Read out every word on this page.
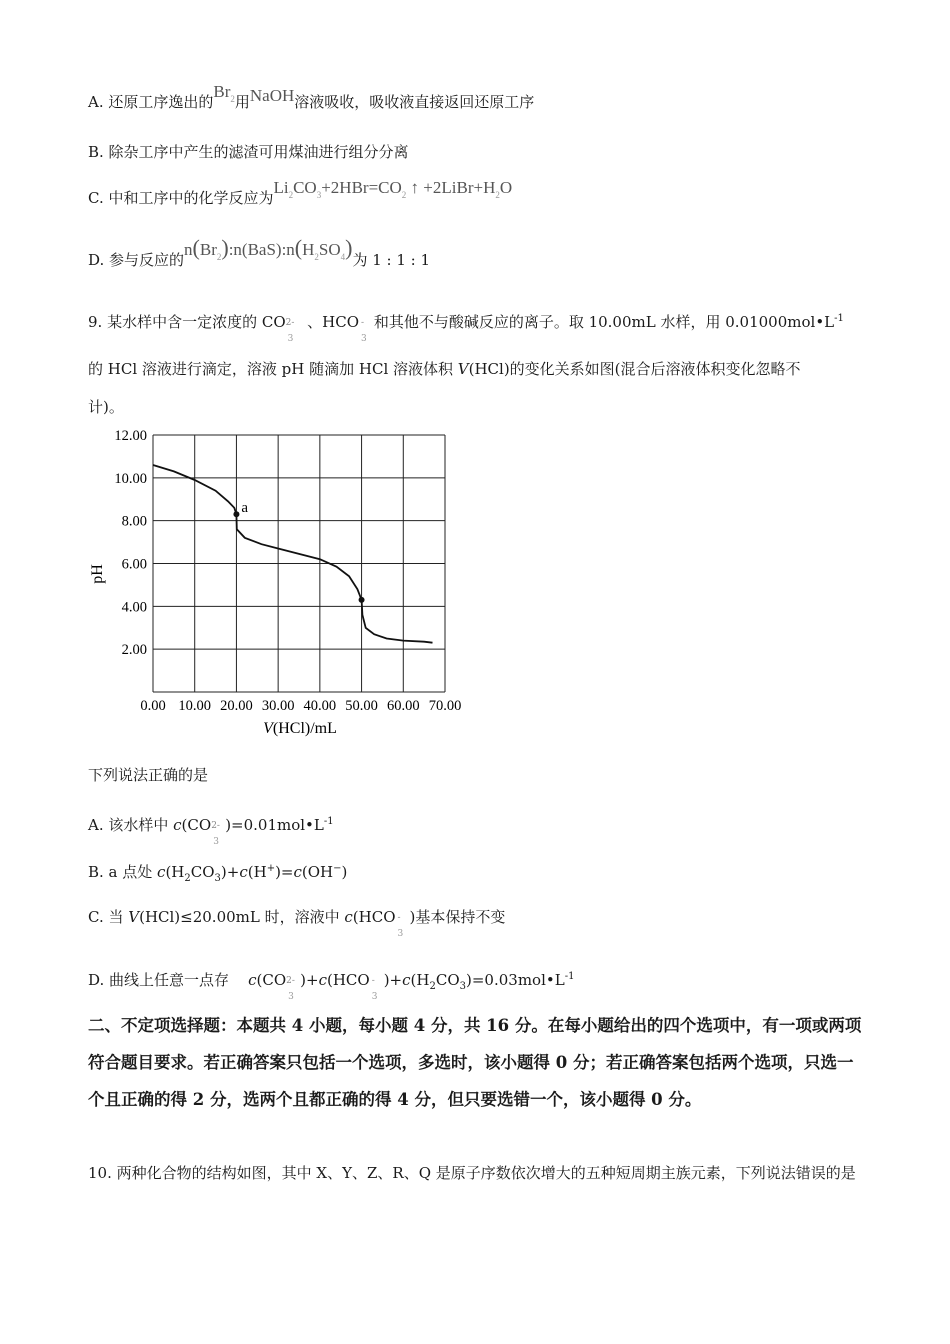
A. 还原工序逸出的$Br_2$用NaOH溶液吸收，吸收液直接返回还原工序
B. 除杂工序中产生的滤渣可用煤油进行组分分离
C. 中和工序中的化学反应为$Li_2CO_3+2HBr=CO_2$ ↑ $+2LiBr+H_2O$
D. 参与反应的$n(Br_2):n(BaS):n(H_2SO_4)$为 1 : 1 : 1
9. 某水样中含一定浓度的 CO 2-
3
、HCO -
3
和其他不与酸碱反应的离子。取 10.00mL 水样，用 $0.01000mol•L^{-1}$
的 HCl 溶液进行滴定，溶液 pH 随滴加 HCl 溶液体积 V(HCl)的变化关系如图(混合后溶液体积变化忽略不
计)。
0.00 10.00 20.00 30.00 40.00 50.00 60.00 70.00
2.00
4.00
6.00
8.00
10.00
12.00
a
pH
V(HCl)/mL
下列说法正确的是
A. 该水样中 c(CO 2-
3
)$=0.01mol•L^{-1}$
B. a 点处 $c(H_2CO_3)+c(H^+)=c(OH^-)$
C. 当 V(HCl)≤20.00mL 时，溶液中 c(HCO -
3
)基本保持不变
D. 曲线上任意一点存 c(CO 2-
3
)+c(HCO -
3
)$+c(H_2CO_3)=0.03mol•L^{-1}$
二、不定项选择题：本题共 4 小题，每小题 4 分，共 16 分。在每小题给出的四个选项中，有一项或两项符合题目要求。若正确答案只包括一个选项，多选时，该小题得 0 分；若正确答案包括两个选项，只选一个且正确的得 2 分，选两个且都正确的得 4 分，但只要选错一个，该小题得 0 分。
10. 两种化合物的结构如图，其中 X、Y、Z、R、Q 是原子序数依次增大的五种短周期主族元素，下列说法错误的是
